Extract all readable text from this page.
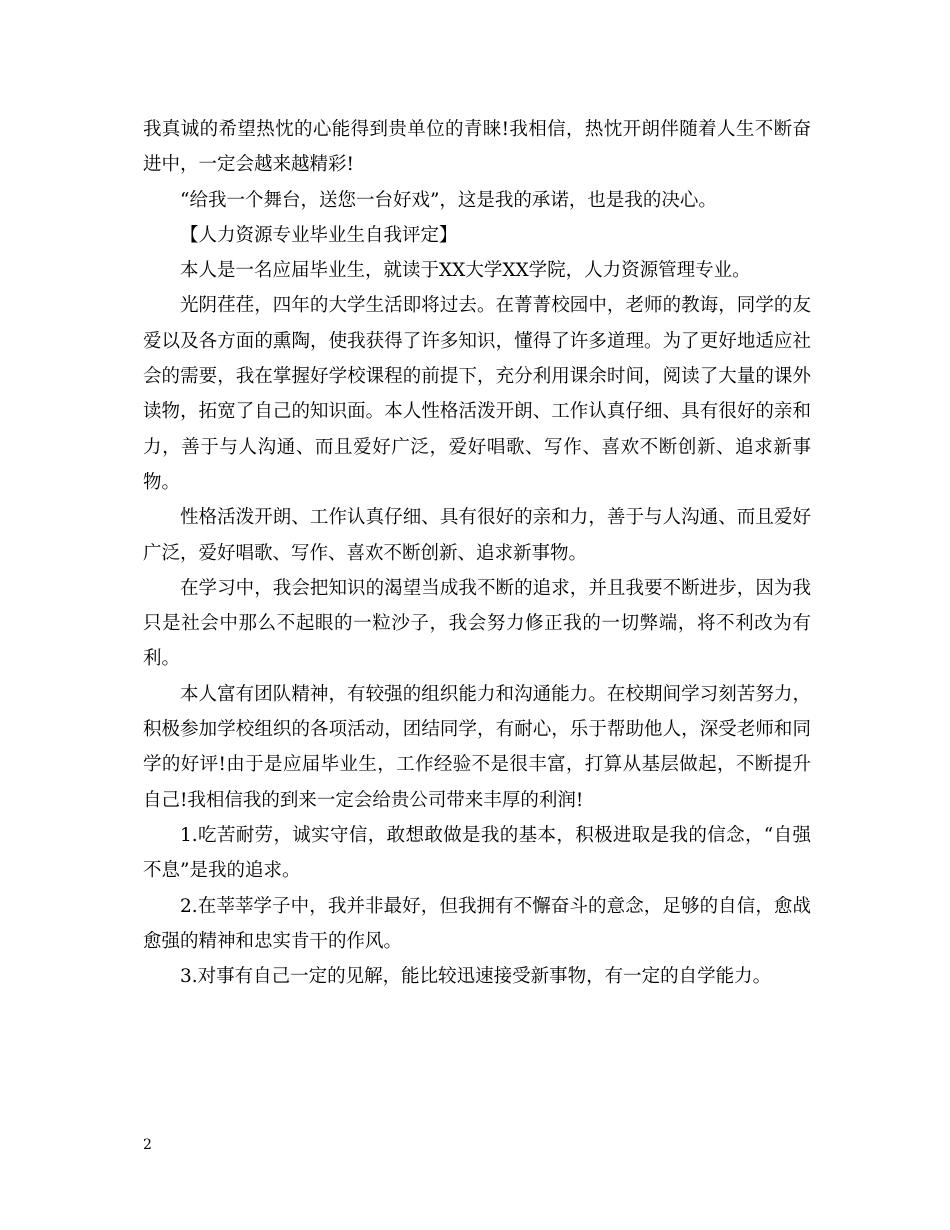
我真诚的希望热忱的心能得到贵单位的青睐!我相信，热忱开朗伴随着人生不断奋进中，一定会越来越精彩!

“给我一个舞台，送您一台好戏”，这是我的承诺，也是我的决心。

【人力资源专业毕业生自我评定】

本人是一名应届毕业生，就读于XX大学XX学院，人力资源管理专业。

光阴荏荏，四年的大学生活即将过去。在菁菁校园中，老师的教诲，同学的友爱以及各方面的熏陶，使我获得了许多知识，懂得了许多道理。为了更好地适应社会的需要，我在掌握好学校课程的前提下，充分利用课余时间，阅读了大量的课外读物，拓宽了自己的知识面。本人性格活泼开朗、工作认真仔细、具有很好的亲和力，善于与人沟通、而且爱好广泛，爱好唱歌、写作、喜欢不断创新、追求新事物。

性格活泼开朗、工作认真仔细、具有很好的亲和力，善于与人沟通、而且爱好广泛，爱好唱歌、写作、喜欢不断创新、追求新事物。

在学习中，我会把知识的渴望当成我不断的追求，并且我要不断进步，因为我只是社会中那么不起眼的一粒沙子，我会努力修正我的一切弊端，将不利改为有利。

本人富有团队精神，有较强的组织能力和沟通能力。在校期间学习刻苦努力，积极参加学校组织的各项活动，团结同学，有耐心，乐于帮助他人，深受老师和同学的好评!由于是应届毕业生，工作经验不是很丰富，打算从基层做起，不断提升自己!我相信我的到来一定会给贵公司带来丰厚的利润!

1.吃苦耐劳，诚实守信，敢想敢做是我的基本，积极进取是我的信念，“自强不息”是我的追求。

2.在莘莘学子中，我并非最好，但我拥有不懈奋斗的意念，足够的自信，愈战愈强的精神和忠实肯干的作风。

3.对事有自己一定的见解，能比较迅速接受新事物，有一定的自学能力。

2
